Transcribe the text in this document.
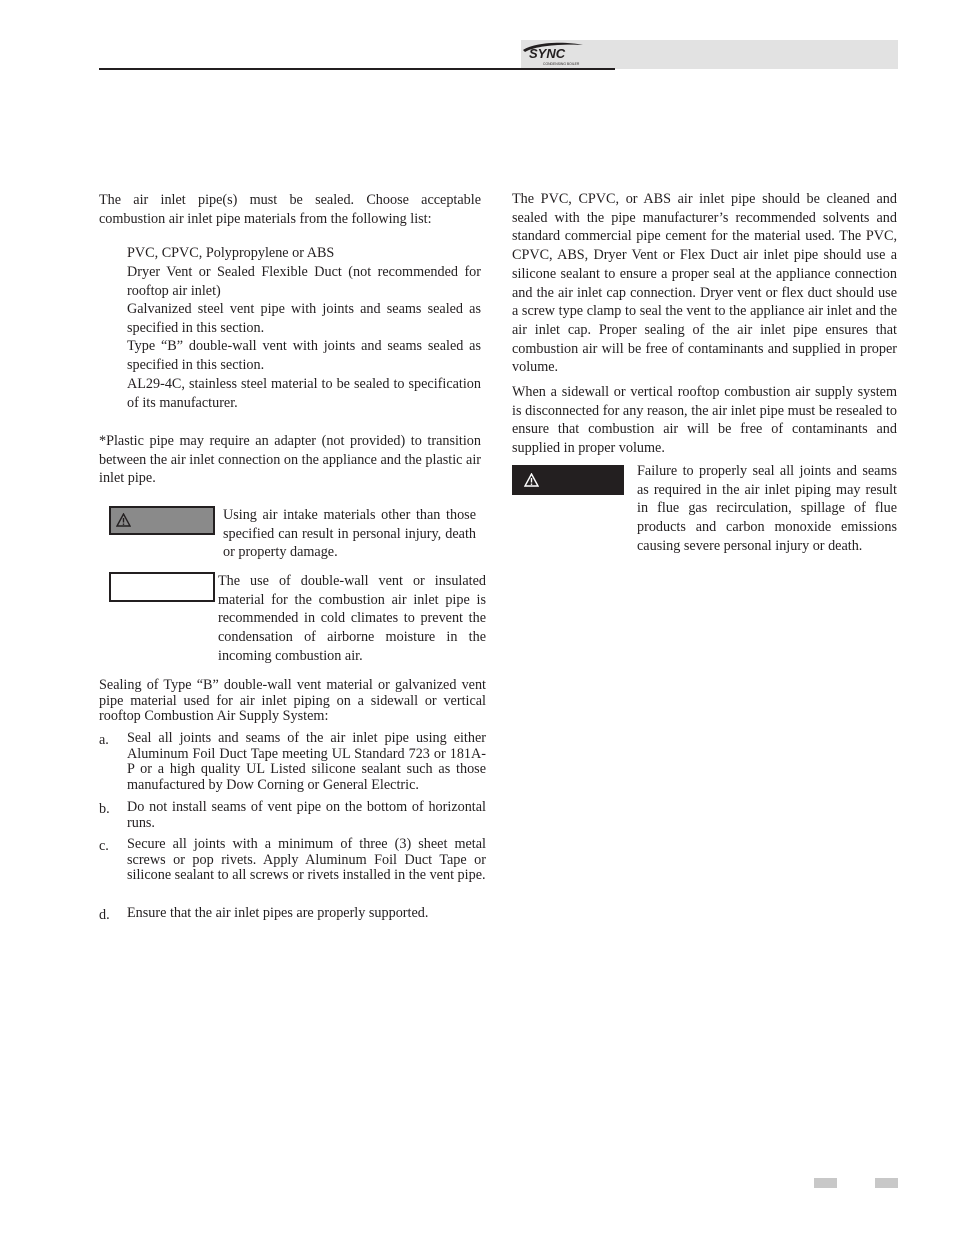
SYNC
CONDENSING BOILER

The air inlet pipe(s) must be sealed. Choose acceptable combustion air inlet pipe materials from the following list:

PVC, CPVC, Polypropylene or ABS
Dryer Vent or Sealed Flexible Duct (not recommended for rooftop air inlet)
Galvanized steel vent pipe with joints and seams sealed as specified in this section.
Type “B” double-wall vent with joints and seams sealed as specified in this section.
AL29-4C, stainless steel material to be sealed to specification of its manufacturer.

*Plastic pipe may require an adapter (not provided) to transition between the air inlet connection on the appliance and the plastic air inlet pipe.

Using air intake materials other than those specified can result in personal injury, death or property damage.

The use of double-wall vent or insulated material for the combustion air inlet pipe is recommended in cold climates to prevent the condensation of airborne moisture in the incoming combustion air.

Sealing of Type “B” double-wall vent material or galvanized vent pipe material used for air inlet piping on a sidewall or vertical rooftop Combustion Air Supply System:

a. Seal all joints and seams of the air inlet pipe using either Aluminum Foil Duct Tape meeting UL Standard 723 or 181A-P or a high quality UL Listed silicone sealant such as those manufactured by Dow Corning or General Electric.
b. Do not install seams of vent pipe on the bottom of horizontal runs.
c. Secure all joints with a minimum of three (3) sheet metal screws or pop rivets. Apply Aluminum Foil Duct Tape or silicone sealant to all screws or rivets installed in the vent pipe.
d. Ensure that the air inlet pipes are properly supported.

The PVC, CPVC, or ABS air inlet pipe should be cleaned and sealed with the pipe manufacturer’s recommended solvents and standard commercial pipe cement for the material used. The PVC, CPVC, ABS, Dryer Vent or Flex Duct air inlet pipe should use a silicone sealant to ensure a proper seal at the appliance connection and the air inlet cap connection. Dryer vent or flex duct should use a screw type clamp to seal the vent to the appliance air inlet and the air inlet cap. Proper sealing of the air inlet pipe ensures that combustion air will be free of contaminants and supplied in proper volume.

When a sidewall or vertical rooftop combustion air supply system is disconnected for any reason, the air inlet pipe must be resealed to ensure that combustion air will be free of contaminants and supplied in proper volume.

Failure to properly seal all joints and seams as required in the air inlet piping may result in flue gas recirculation, spillage of flue products and carbon monoxide emissions causing severe personal injury or death.
